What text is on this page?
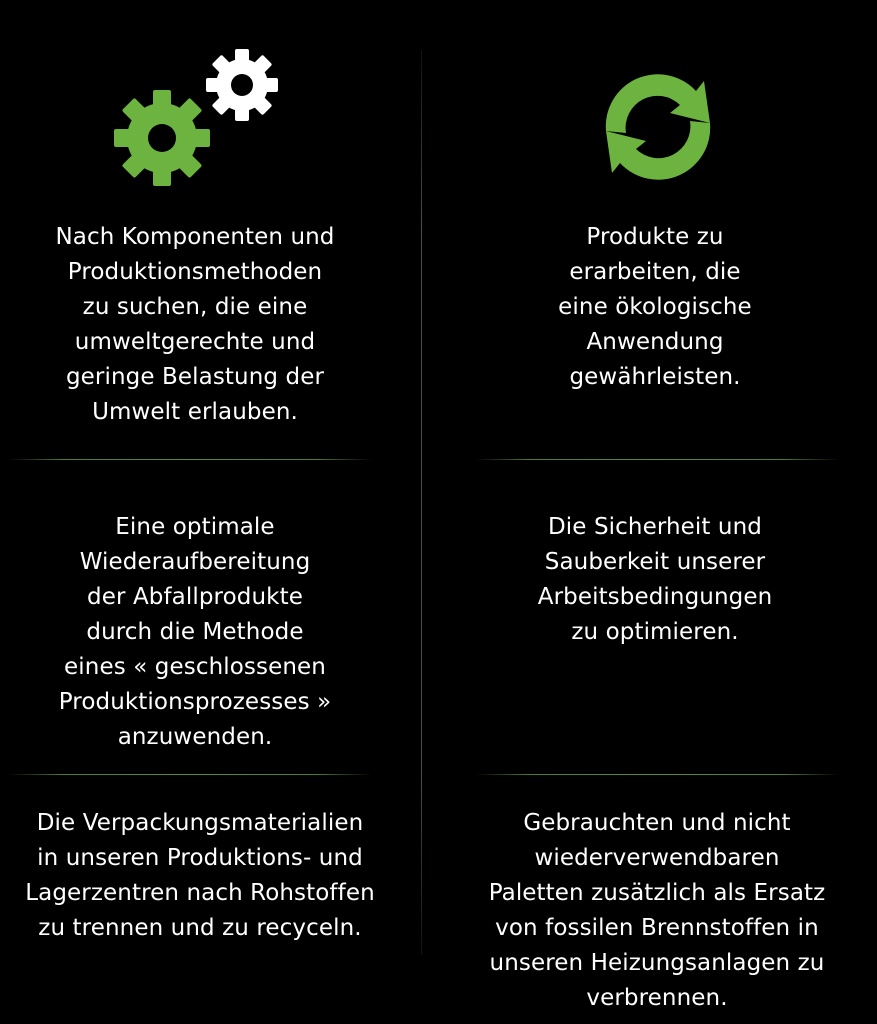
Nach Komponenten und
Produktionsmethoden
zu suchen, die eine
umweltgerechte und
geringe Belastung der
Umwelt erlauben.
Produkte zu
erarbeiten, die
eine ökologische
Anwendung
gewährleisten.
Eine optimale
Wiederaufbereitung
der Abfallprodukte
durch die Methode
eines « geschlossenen
Produktionsprozesses »
anzuwenden.
Die Sicherheit und
Sauberkeit unserer
Arbeitsbedingungen
zu optimieren.
Die Verpackungsmaterialien
in unseren Produktions- und
Lagerzentren nach Rohstoffen
zu trennen und zu recyceln.
Gebrauchten und nicht
wiederverwendbaren
Paletten zusätzlich als Ersatz
von fossilen Brennstoffen in
unseren Heizungsanlagen zu
verbrennen.
